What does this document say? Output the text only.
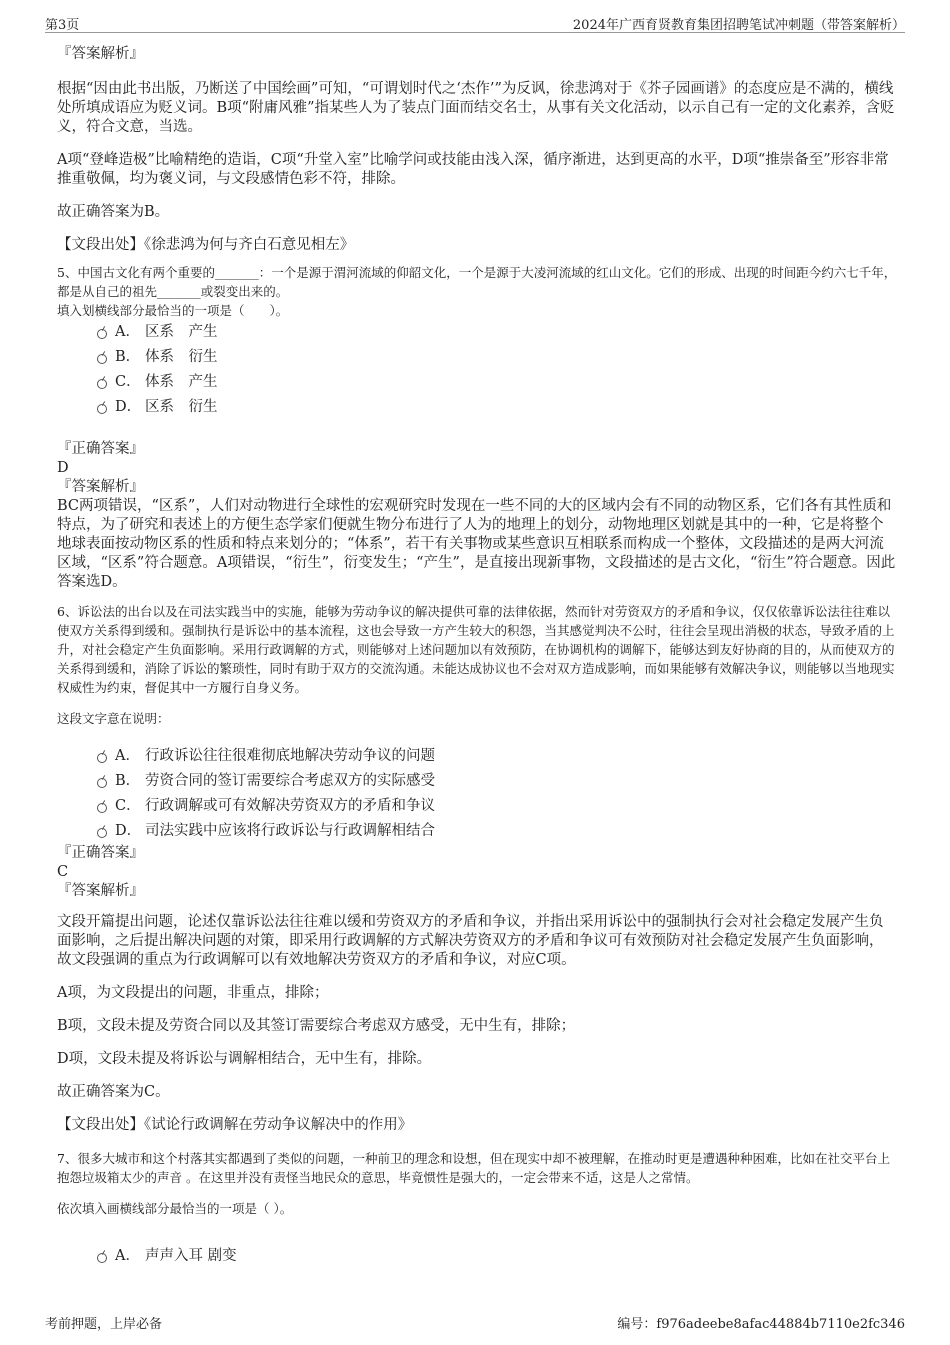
第3页	2024年广西育贤教育集团招聘笔试冲刺题（带答案解析）
『答案解析』

根据“因由此书出版，乃断送了中国绘画”可知，“可谓划时代之‘杰作’”为反讽，徐悲鸿对于《芥子园画谱》的态度应是不满的，横线处所填成语应为贬义词。B项“附庸风雅”指某些人为了装点门面而结交名士，从事有关文化活动，以示自己有一定的文化素养，含贬义，符合文意，当选。

A项“登峰造极”比喻精绝的造诣，C项“升堂入室”比喻学问或技能由浅入深，循序渐进，达到更高的水平，D项“推崇备至”形容非常推重敬佩，均为褒义词，与文段感情色彩不符，排除。

故正确答案为B。

【文段出处】《徐悲鸿为何与齐白石意见相左》

5、中国古文化有两个重要的_______：一个是源于渭河流域的仰韶文化，一个是源于大凌河流域的红山文化。它们的形成、出现的时间距今约六七千年，都是从自己的祖先_______或裂变出来的。

填入划横线部分最恰当的一项是（　　）。

A． 区系　产生
B． 体系　衍生
C． 体系　产生
D． 区系　衍生
『正确答案』
D
『答案解析』

BC两项错误，“区系”，人们对动物进行全球性的宏观研究时发现在一些不同的大的区域内会有不同的动物区系，它们各有其性质和特点，为了研究和表述上的方便生态学家们便就生物分布进行了人为的地理上的划分，动物地理区划就是其中的一种，它是将整个地球表面按动物区系的性质和特点来划分的；“体系”，若干有关事物或某些意识互相联系而构成一个整体，文段描述的是两大河流区域，“区系”符合题意。A项错误，“衍生”，衍变发生；“产生”，是直接出现新事物，文段描述的是古文化，“衍生”符合题意。因此答案选D。

6、诉讼法的出台以及在司法实践当中的实施，能够为劳动争议的解决提供可靠的法律依据，然而针对劳资双方的矛盾和争议，仅仅依靠诉讼法往往难以使双方关系得到缓和。强制执行是诉讼中的基本流程，这也会导致一方产生较大的积怨，当其感觉判决不公时，往往会呈现出消极的状态，导致矛盾的上升，对社会稳定产生负面影响。采用行政调解的方式，则能够对上述问题加以有效预防，在协调机构的调解下，能够达到友好协商的目的，从而使双方的关系得到缓和，消除了诉讼的繁琐性，同时有助于双方的交流沟通。未能达成协议也不会对双方造成影响，而如果能够有效解决争议，则能够以当地现实权威性为约束，督促其中一方履行自身义务。

这段文字意在说明：

A． 行政诉讼往往很难彻底地解决劳动争议的问题
B． 劳资合同的签订需要综合考虑双方的实际感受
C． 行政调解或可有效解决劳资双方的矛盾和争议
D． 司法实践中应该将行政诉讼与行政调解相结合
『正确答案』
C
『答案解析』

文段开篇提出问题，论述仅靠诉讼法往往难以缓和劳资双方的矛盾和争议，并指出采用诉讼中的强制执行会对社会稳定发展产生负面影响，之后提出解决问题的对策，即采用行政调解的方式解决劳资双方的矛盾和争议可有效预防对社会稳定发展产生负面影响，故文段强调的重点为行政调解可以有效地解决劳资双方的矛盾和争议，对应C项。

A项，为文段提出的问题，非重点，排除；

B项，文段未提及劳资合同以及其签订需要综合考虑双方感受，无中生有，排除；

D项，文段未提及将诉讼与调解相结合，无中生有，排除。

故正确答案为C。

【文段出处】《试论行政调解在劳动争议解决中的作用》

7、很多大城市和这个村落其实都遇到了类似的问题，一种前卫的理念和设想，但在现实中却不被理解，在推动时更是遭遇种种困难，比如在社交平台上抱怨垃圾箱太少的声音 。在这里并没有责怪当地民众的意思，毕竟惯性是强大的，一定会带来不适，这是人之常情。

依次填入画横线部分最恰当的一项是（ ）。

A． 声声入耳 剧变
考前押题，上岸必备	编号：f976adeebe8afac44884b7110e2fc346
